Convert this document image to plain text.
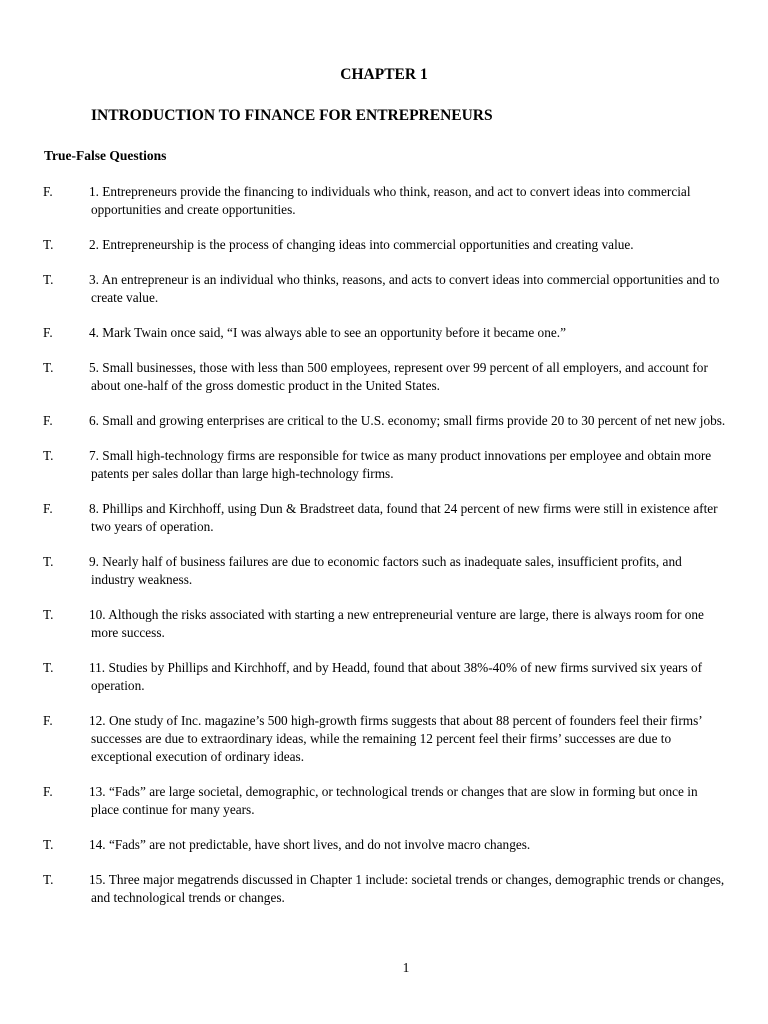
CHAPTER 1
INTRODUCTION TO FINANCE FOR ENTREPRENEURS
True-False Questions
F.	1. Entrepreneurs provide the financing to individuals who think, reason, and act to convert ideas into commercial opportunities and create opportunities.
T.	2. Entrepreneurship is the process of changing ideas into commercial opportunities and creating value.
T.	3. An entrepreneur is an individual who thinks, reasons, and acts to convert ideas into commercial opportunities and to create value.
F.	4. Mark Twain once said, “I was always able to see an opportunity before it became one.”
T.	5. Small businesses, those with less than 500 employees, represent over 99 percent of all employers, and account for about one-half of the gross domestic product in the United States.
F.	6. Small and growing enterprises are critical to the U.S. economy; small firms provide 20 to 30 percent of net new jobs.
T.	7. Small high-technology firms are responsible for twice as many product innovations per employee and obtain more patents per sales dollar than large high-technology firms.
F.	8. Phillips and Kirchhoff, using Dun & Bradstreet data, found that 24 percent of new firms were still in existence after two years of operation.
T.	9. Nearly half of business failures are due to economic factors such as inadequate sales, insufficient profits, and industry weakness.
T.	10. Although the risks associated with starting a new entrepreneurial venture are large, there is always room for one more success.
T.	11. Studies by Phillips and Kirchhoff, and by Headd, found that about 38%-40% of new firms survived six years of operation.
F.	12. One study of Inc. magazine’s 500 high-growth firms suggests that about 88 percent of founders feel their firms’ successes are due to extraordinary ideas, while the remaining 12 percent feel their firms’ successes are due to exceptional execution of ordinary ideas.
F.	13. “Fads” are large societal, demographic, or technological trends or changes that are slow in forming but once in place continue for many years.
T.	14. “Fads” are not predictable, have short lives, and do not involve macro changes.
T.	15. Three major megatrends discussed in Chapter 1 include: societal trends or changes, demographic trends or changes, and technological trends or changes.
1
